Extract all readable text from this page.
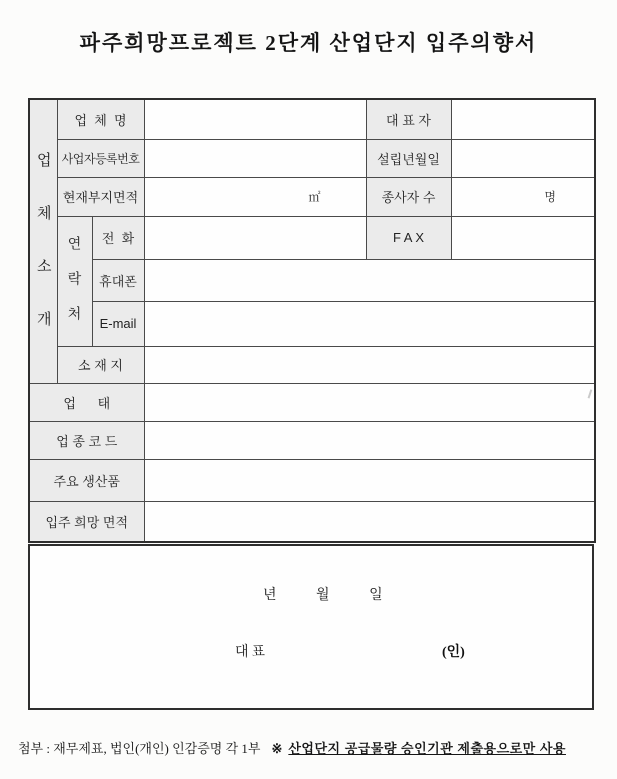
파주희망프로젝트 2단계 산업단지 입주의향서
업체소개	업  체  명			대 표 자	
	사업자등록번호			설립년월일	
	현재부지면적		㎡	종사자 수	명
	연락처	전  화		F A X	
		휴대폰			
		E-mail			
	소 재 지				
업      태					
업 종 코 드					
주요 생산품					
입주 희망 면적					
년	월	일
대표	(인)
첨부 : 재무제표, 법인(개인) 인감증명 각 1부 ※ 산업단지 공급물량 승인기관 제출용으로만 사용
